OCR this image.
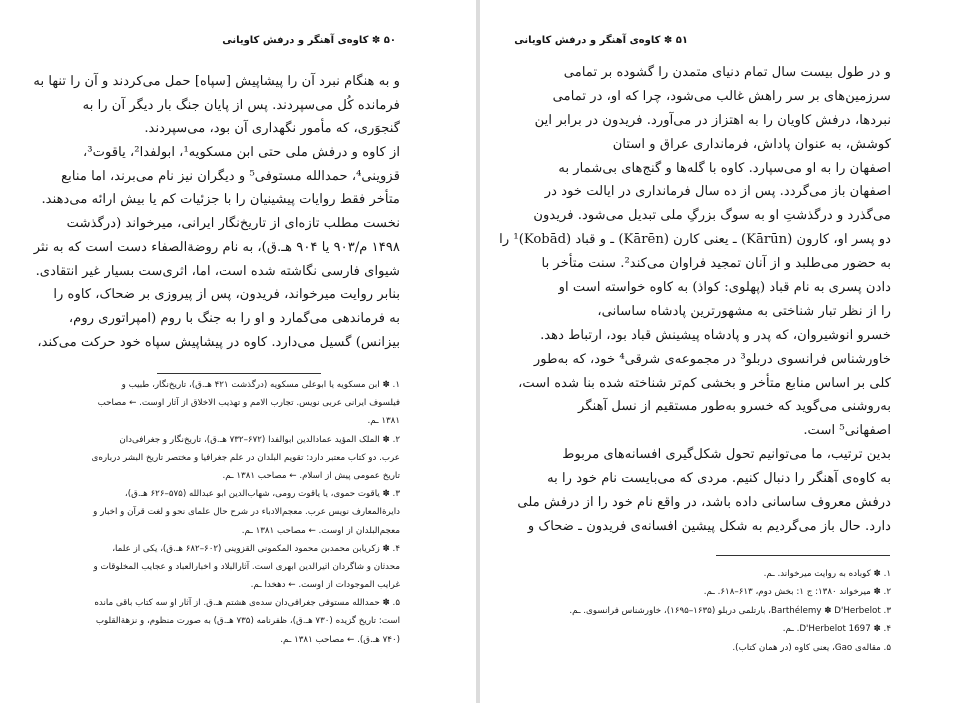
۵۰ ✽ کاوه‌ی آهنگر و درفش کاویانی
و به هنگام نبرد آن را پیشاپیش [سپاه] حمل می‌کردند و آن را تنها به
فرمانده کُل می‌سپردند. پس از پایان جنگ بار دیگر آن را به
گنجوَری، که مأمور نگهداری آن بود، می‌سپردند.
از کاوه و درفش ملی حتی ابن مسکویه¹، ابولفدا²، یاقوت³،
قزوینی⁴، حمدالله مستوفی⁵ و دیگران نیز نام می‌برند، اما منابع
متأخر فقط روایات پیشینیان را با جزئیات کم یا بیش ارائه می‌دهند.
نخست مطلب تازه‌ای از تاریخ‌نگار ایرانی، میرخواند (درگذشت
۱۴۹۸ م/۹۰۳ یا ۹۰۴ هـ.ق)، به نام روضةالصفاء دست است که به نثر
شیوای فارسی نگاشته شده است، اما، اثری‌ست بسیار غیر انتقادی.
بنابر روایت میرخواند، فریدون، پس از پیروزی بر ضحاک، کاوه را
به فرماندهی می‌گمارد و او را به جنگ با روم (امپراتوری روم،
بیزانس) گسیل می‌دارد. کاوه در پیشاپیش سپاه خود حرکت می‌کند،
۱. ✽ ابن مسکویه یا ابوعلی مسکویه (درگذشت ۴۲۱ هـ.ق)، تاریخ‌نگار، طبیب و
فیلسوف ایرانی عربی نویس. تجارب الامم و تهذیب الاخلاق از آثار اوست. ← مصاحب
۱۳۸۱ ـم.
۲. ✽ الملک المؤید عمادالدین ابوالفدا (۶۷۲–۷۳۲ هـ.ق)، تاریخ‌نگار و جغرافی‌دان
عرب. دو کتاب معتبر دارد: تقویم البلدان در علم جغرافیا و مختصر تاریخ البشر درباره‌ی
تاریخ عمومی پیش از اسلام. ← مصاحب ۱۳۸۱ ـم.
۳. ✽ یاقوت حموی، یا یاقوت رومی، شهاب‌الدین ابو عبدالله (۵۷۵–۶۲۶ هـ.ق)،
دایرةالمعارف نویس عرب. معجم‌الادباء در شرح حال علمای نحو و لغت قرآن و اخبار و
معجم‌البلدان از اوست. ← مصاحب ۱۳۸۱ ـم.
۴. ✽ زکریابن محمدبن محمود المکمونی القزوینی (۶۰۲–۶۸۲ هـ.ق)، یکی از علما،
محدثان و شاگردان اثیرالدین ابهری است. آثارالبلاد و اخبارالعباد و عجایب المخلوقات و
غرایب الموجودات از اوست. ← دهخدا ـم.
۵. ✽ حمدالله مستوفی جغرافی‌دان سده‌ی هشتم هـ.ق. از آثار او سه کتاب باقی مانده
است: تاریخ گزیده (۷۳۰ هـ.ق)، ظفرنامه (۷۳۵ هـ.ق) به صورت منظوم، و نزهةالقلوب
(۷۴۰ هـ.ق). ← مصاحب ۱۳۸۱ ـم.
۵۱ ✽ کاوه‌ی آهنگر و درفش کاویانی
و در طول بیست سال تمام دنیای متمدن را گشوده بر تمامی
سرزمین‌های بر سر راهش غالب می‌شود، چرا که او، در تمامی
نبردها، درفش کاویان را به اهتزاز در می‌آورد. فریدون در برابر این
کوشش، به عنوان پاداش، فرمانداری عراق و استان
اصفهان را به او می‌سپارد. کاوه با گله‌ها و گنج‌های بی‌شمار به
اصفهان باز می‌گردد. پس از ده سال فرمانداری در ایالت خود در
می‌گذرد و درگذشتِ او به سوگ بزرگِ ملی تبدیل می‌شود. فریدون
دو پسر او، کارون (Kārūn) ـ یعنی کارن (Kārēn) ـ و قباد (Kobād)¹ را
به حضور می‌طلبد و از آنان تمجید فراوان می‌کند². سنت متأخر با
دادن پسری به نام قباد (پهلوی: کواذ) به کاوه خواسته است او
را از نظر تبار شناختی به مشهورترین پادشاه ساسانی،
خسرو انوشیروان، که پدر و پادشاه پیشینش قباد بود، ارتباط دهد.
خاورشناس فرانسوی دربلو³ در مجموعه‌ی شرقی⁴ خود، که به‌طور
کلی بر اساس منابع متأخر و بخشی کم‌تر شناخته شده بنا شده است،
به‌روشنی می‌گوید که خسرو به‌طور مستقیم از نسل آهنگر
اصفهانی⁵ است.
بدین ترتیب، ما می‌توانیم تحول شکل‌گیری افسانه‌های مربوط
به کاوه‌ی آهنگر را دنبال کنیم. مردی که می‌بایست نام خود را به
درفش معروف ساسانی داده باشد، در واقع نام خود را از درفش ملی
دارد. حال باز می‌گردیم به شکل پیشین افسانه‌ی فریدون ـ ضحاک و
۱. ✽ کوباده به روایت میرخواند. ـم.
۲. ✽ میرخواند ۱۳۸۰: ج ۱: بخش دوم، ۶۱۳–۶۱۸. ـم.
۳. Barthélemy ✽ D'Herbelot، بارتلمی دربلو (۱۶۳۵–۱۶۹۵)، خاورشناس فرانسوی. ـم.
۴. ✽ D'Herbelot 1697. ـم.
۵. مقاله‌ی Gao، یعنی کاوه (در همان کتاب).
